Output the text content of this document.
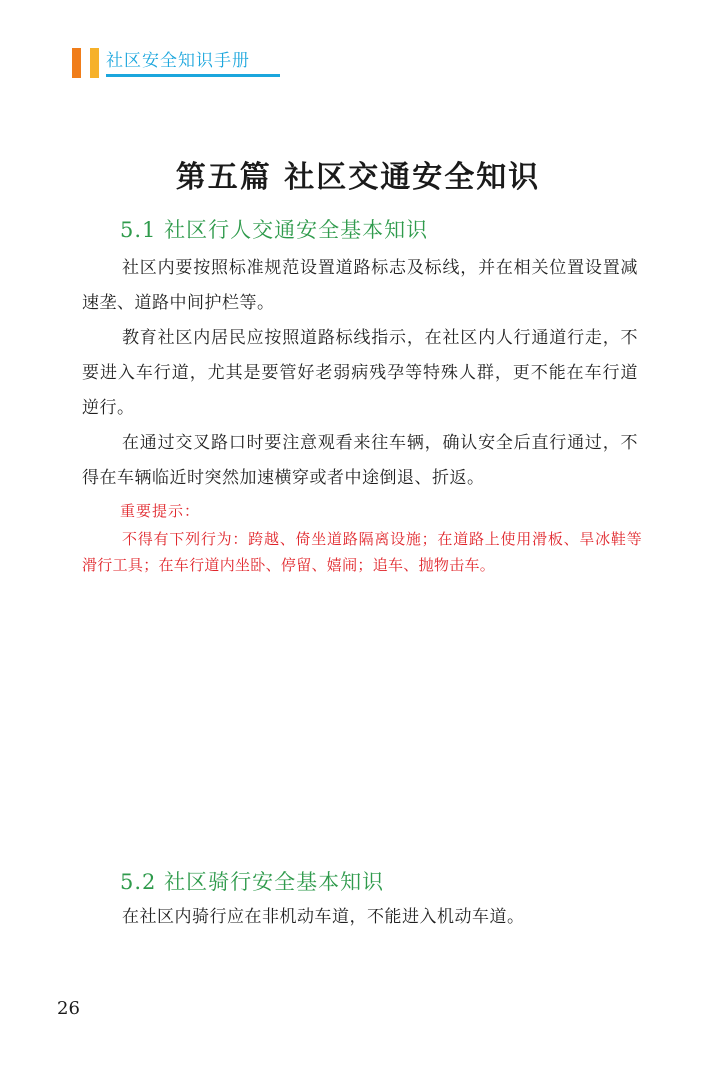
社区安全知识手册
第五篇 社区交通安全知识
5.1 社区行人交通安全基本知识

社区内要按照标准规范设置道路标志及标线，并在相关位置设置减速垄、道路中间护栏等。

教育社区内居民应按照道路标线指示，在社区内人行通道行走，不要进入车行道，尤其是要管好老弱病残孕等特殊人群，更不能在车行道逆行。

在通过交叉路口时要注意观看来往车辆，确认安全后直行通过，不得在车辆临近时突然加速横穿或者中途倒退、折返。

重要提示：

不得有下列行为：跨越、倚坐道路隔离设施；在道路上使用滑板、旱冰鞋等滑行工具；在车行道内坐卧、停留、嬉闹；追车、抛物击车。

5.2 社区骑行安全基本知识

在社区内骑行应在非机动车道，不能进入机动车道。

26
